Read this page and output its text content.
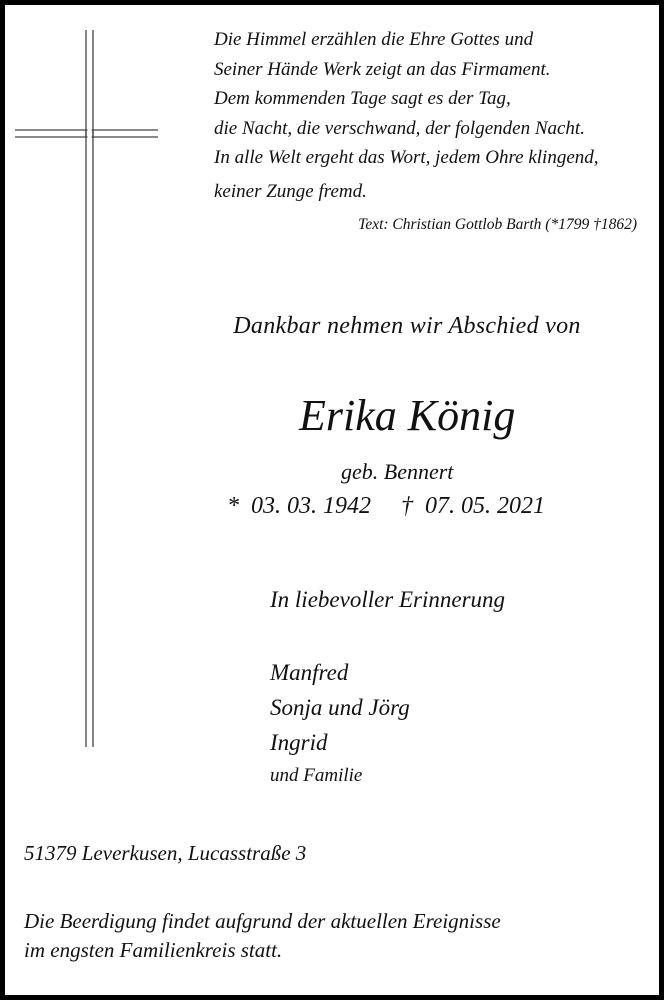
Die Himmel erzählen die Ehre Gottes und
Seiner Hände Werk zeigt an das Firmament.
Dem kommenden Tage sagt es der Tag,
die Nacht, die verschwand, der folgenden Nacht.
In alle Welt ergeht das Wort, jedem Ohre klingend,
keiner Zunge fremd.
Text: Christian Gottlob Barth (*1799 †1862)
Dankbar nehmen wir Abschied von
Erika König
geb. Bennert
*  03. 03. 1942     †  07. 05. 2021
In liebevoller Erinnerung
Manfred
Sonja und Jörg
Ingrid
und Familie
51379 Leverkusen, Lucasstraße 3
Die Beerdigung findet aufgrund der aktuellen Ereignisse
im engsten Familienkreis statt.
